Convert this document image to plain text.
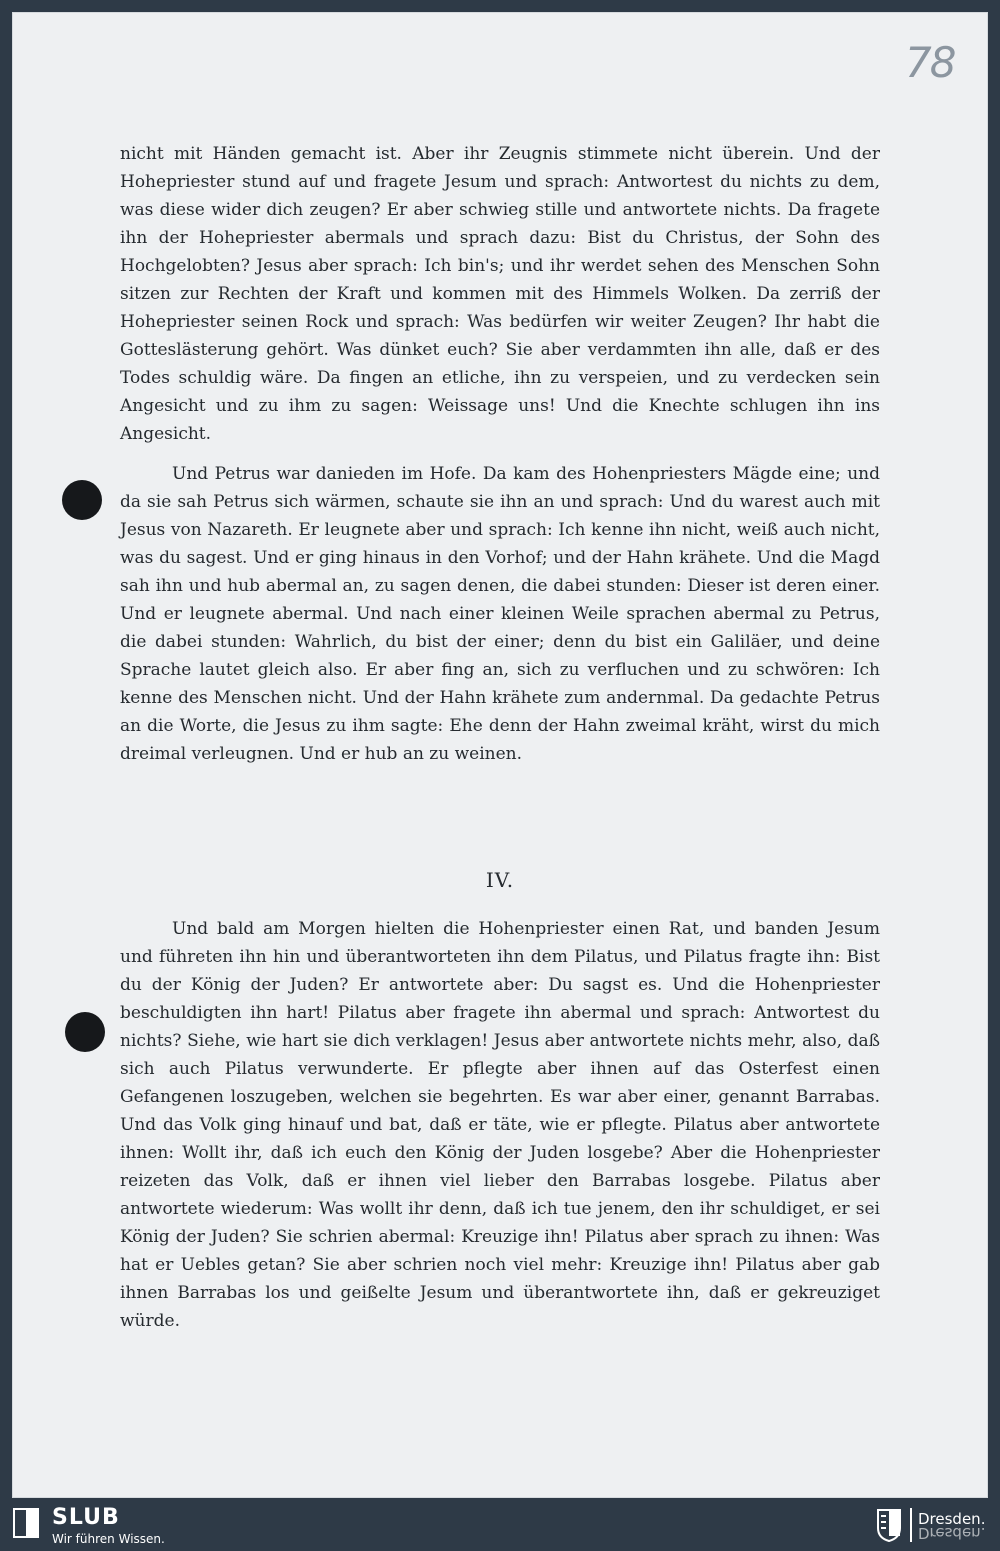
78

nicht mit Händen gemacht ist. Aber ihr Zeugnis stimmete nicht überein. Und der Hohepriester stund auf und fragete Jesum und sprach: Antwortest du nichts zu dem, was diese wider dich zeugen? Er aber schwieg stille und antwortete nichts. Da fragete ihn der Hohepriester abermals und sprach dazu: Bist du Christus, der Sohn des Hochgelobten? Jesus aber sprach: Ich bin's; und ihr werdet sehen des Menschen Sohn sitzen zur Rechten der Kraft und kommen mit des Himmels Wolken. Da zerriß der Hohepriester seinen Rock und sprach: Was bedürfen wir weiter Zeugen? Ihr habt die Gotteslästerung gehört. Was dünket euch? Sie aber verdammten ihn alle, daß er des Todes schuldig wäre. Da fingen an etliche, ihn zu verspeien, und zu verdecken sein Angesicht und zu ihm zu sagen: Weissage uns! Und die Knechte schlugen ihn ins Angesicht.

Und Petrus war danieden im Hofe. Da kam des Hohenpriesters Mägde eine; und da sie sah Petrus sich wärmen, schaute sie ihn an und sprach: Und du warest auch mit Jesus von Nazareth. Er leugnete aber und sprach: Ich kenne ihn nicht, weiß auch nicht, was du sagest. Und er ging hinaus in den Vorhof; und der Hahn krähete. Und die Magd sah ihn und hub abermal an, zu sagen denen, die dabei stunden: Dieser ist deren einer. Und er leugnete abermal. Und nach einer kleinen Weile sprachen abermal zu Petrus, die dabei stunden: Wahrlich, du bist der einer; denn du bist ein Galiläer, und deine Sprache lautet gleich also. Er aber fing an, sich zu verfluchen und zu schwören: Ich kenne des Menschen nicht. Und der Hahn krähete zum andernmal. Da gedachte Petrus an die Worte, die Jesus zu ihm sagte: Ehe denn der Hahn zweimal kräht, wirst du mich dreimal verleugnen. Und er hub an zu weinen.

IV.

Und bald am Morgen hielten die Hohenpriester einen Rat, und banden Jesum und führeten ihn hin und überantworteten ihn dem Pilatus, und Pilatus fragte ihn: Bist du der König der Juden? Er antwortete aber: Du sagst es. Und die Hohenpriester beschuldigten ihn hart! Pilatus aber fragete ihn abermal und sprach: Antwortest du nichts? Siehe, wie hart sie dich verklagen! Jesus aber antwortete nichts mehr, also, daß sich auch Pilatus verwunderte. Er pflegte aber ihnen auf das Osterfest einen Gefangenen loszugeben, welchen sie begehrten. Es war aber einer, genannt Barrabas. Und das Volk ging hinauf und bat, daß er täte, wie er pflegte. Pilatus aber antwortete ihnen: Wollt ihr, daß ich euch den König der Juden losgebe? Aber die Hohenpriester reizeten das Volk, daß er ihnen viel lieber den Barrabas losgebe. Pilatus aber antwortete wiederum: Was wollt ihr denn, daß ich tue jenem, den ihr schuldiget, er sei König der Juden? Sie schrien abermal: Kreuzige ihn! Pilatus aber sprach zu ihnen: Was hat er Uebles getan? Sie aber schrien noch viel mehr: Kreuzige ihn! Pilatus aber gab ihnen Barrabas los und geißelte Jesum und überantwortete ihn, daß er gekreuziget würde.

SLUB
Wir führen Wissen.
Dresden.
Dresden.
